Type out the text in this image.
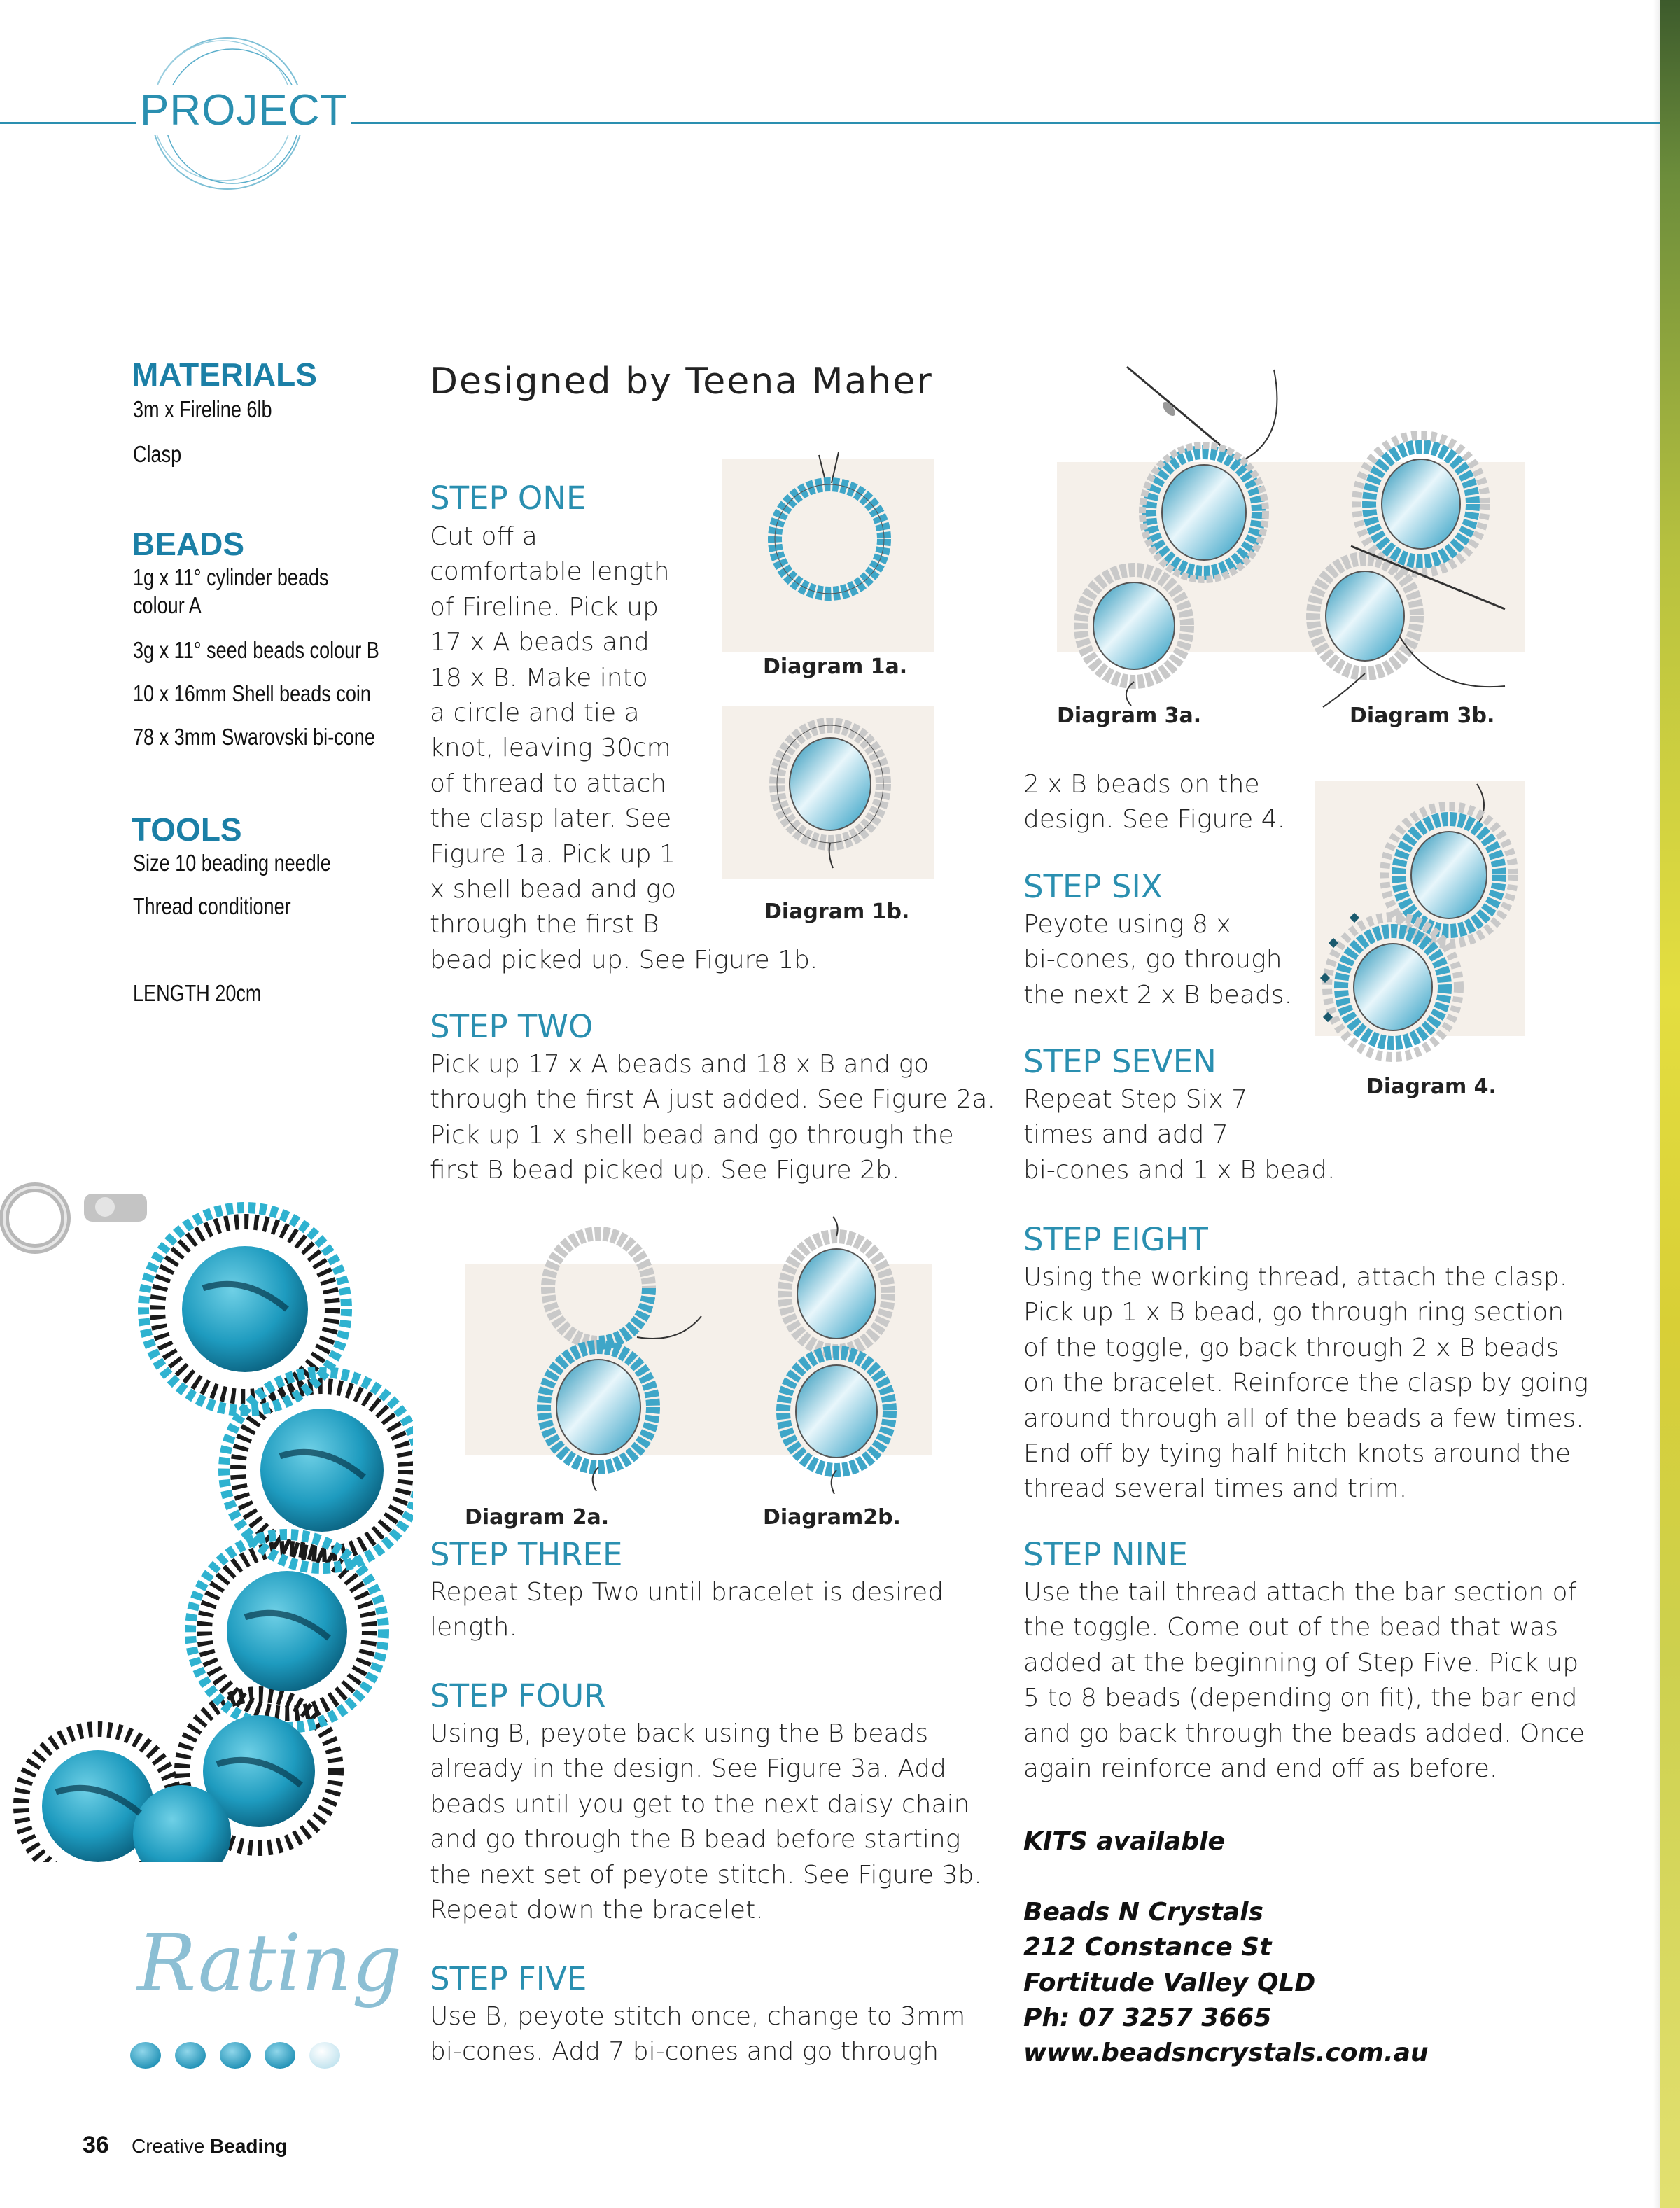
PROJECT
MATERIALS
3m x Fireline 6lb
Clasp
BEADS
1g x 11° cylinder beads
colour A
3g x 11° seed beads colour B
10 x 16mm Shell beads coin
78 x 3mm Swarovski bi-cone
TOOLS
Size 10 beading needle
Thread conditioner
LENGTH 20cm
Designed by Teena Maher
STEP ONE
Cut off a
comfortable length
of Fireline. Pick up
17 x A beads and
18 x B. Make into
a circle and tie a
knot, leaving 30cm
of thread to attach
the clasp later. See
Figure 1a. Pick up 1
x shell bead and go
through the first B
bead picked up. See Figure 1b.
Diagram 1a.
Diagram 1b.
STEP TWO
Pick up 17 x A beads and 18 x B and go
through the first A just added. See Figure 2a.
Pick up 1 x shell bead and go through the
first B bead picked up. See Figure 2b.
Diagram 2a.	Diagram2b.
STEP THREE
Repeat Step Two until bracelet is desired
length.
STEP FOUR
Using B, peyote back using the B beads
already in the design. See Figure 3a. Add
beads until you get to the next daisy chain
and go through the B bead before starting
the next set of peyote stitch. See Figure 3b.
Repeat down the bracelet.
STEP FIVE
Use B, peyote stitch once, change to 3mm
bi-cones. Add 7 bi-cones and go through
Rating
Diagram 3a.	Diagram 3b.
2 x B beads on the
design. See Figure 4.
Diagram 4.
STEP SIX
Peyote using 8 x
bi-cones, go through
the next 2 x B beads.
STEP SEVEN
Repeat Step Six 7
times and add 7
bi-cones and 1 x B bead.
STEP EIGHT
Using the working thread, attach the clasp.
Pick up 1 x B bead, go through ring section
of the toggle, go back through 2 x B beads
on the bracelet. Reinforce the clasp by going
around through all of the beads a few times.
End off by tying half hitch knots around the
thread several times and trim.
STEP NINE
Use the tail thread attach the bar section of
the toggle. Come out of the bead that was
added at the beginning of Step Five. Pick up
5 to 8 beads (depending on fit), the bar end
and go back through the beads added. Once
again reinforce and end off as before.
KITS available

Beads N Crystals
212 Constance St
Fortitude Valley QLD
Ph: 07 3257 3665
www.beadsncrystals.com.au
36 Creative Beading
